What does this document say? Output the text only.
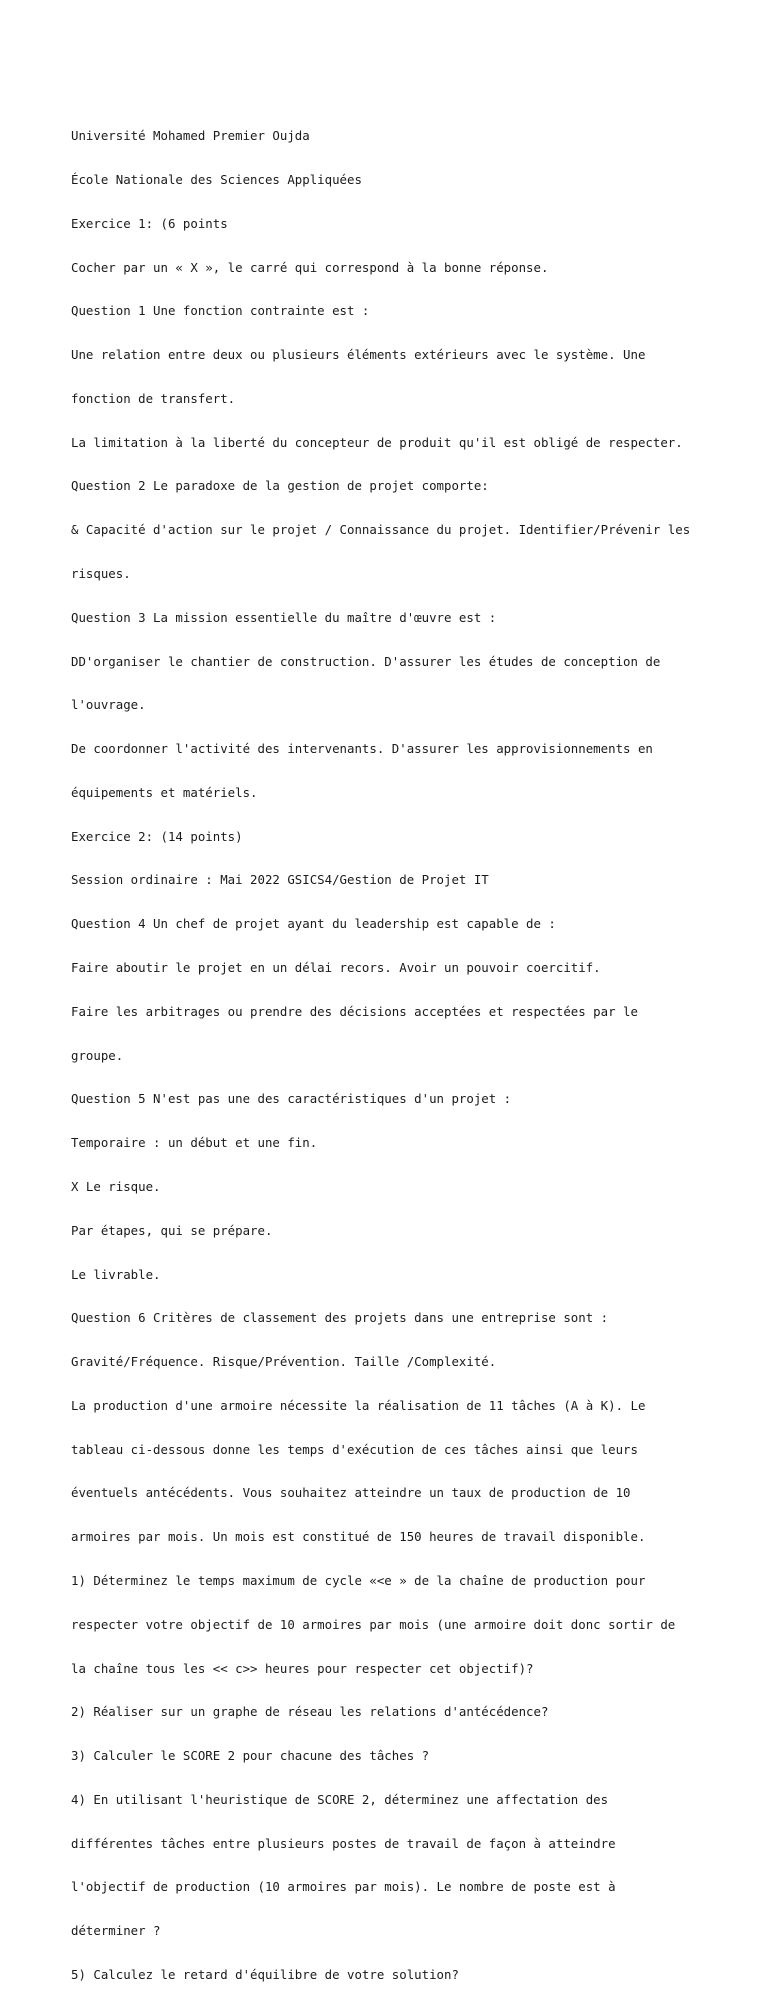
Université Mohamed Premier Oujda

École Nationale des Sciences Appliquées

Exercice 1: (6 points

Cocher par un « X », le carré qui correspond à la bonne réponse.

Question 1 Une fonction contrainte est :

Une relation entre deux ou plusieurs éléments extérieurs avec le système. Une

fonction de transfert.

La limitation à la liberté du concepteur de produit qu'il est obligé de respecter.

Question 2 Le paradoxe de la gestion de projet comporte:

& Capacité d'action sur le projet / Connaissance du projet. Identifier/Prévenir les

risques.

Question 3 La mission essentielle du maître d'œuvre est :

DD'organiser le chantier de construction. D'assurer les études de conception de

l'ouvrage.

De coordonner l'activité des intervenants. D'assurer les approvisionnements en

équipements et matériels.

Exercice 2: (14 points)

Session ordinaire : Mai 2022 GSICS4/Gestion de Projet IT

Question 4 Un chef de projet ayant du leadership est capable de :

Faire aboutir le projet en un délai recors. Avoir un pouvoir coercitif.

Faire les arbitrages ou prendre des décisions acceptées et respectées par le

groupe.

Question 5 N'est pas une des caractéristiques d'un projet :

Temporaire : un début et une fin.

X Le risque.

Par étapes, qui se prépare.

Le livrable.

Question 6 Critères de classement des projets dans une entreprise sont :

Gravité/Fréquence. Risque/Prévention. Taille /Complexité.

La production d'une armoire nécessite la réalisation de 11 tâches (A à K). Le

tableau ci-dessous donne les temps d'exécution de ces tâches ainsi que leurs

éventuels antécédents. Vous souhaitez atteindre un taux de production de 10

armoires par mois. Un mois est constitué de 150 heures de travail disponible.

1) Déterminez le temps maximum de cycle «<e » de la chaîne de production pour

respecter votre objectif de 10 armoires par mois (une armoire doit donc sortir de

la chaîne tous les << c>> heures pour respecter cet objectif)?

2) Réaliser sur un graphe de réseau les relations d'antécédence?

3) Calculer le SCORE 2 pour chacune des tâches ?

4) En utilisant l'heuristique de SCORE 2, déterminez une affectation des

différentes tâches entre plusieurs postes de travail de façon à atteindre

l'objectif de production (10 armoires par mois). Le nombre de poste est à

déterminer ?

5) Calculez le retard d'équilibre de votre solution?
